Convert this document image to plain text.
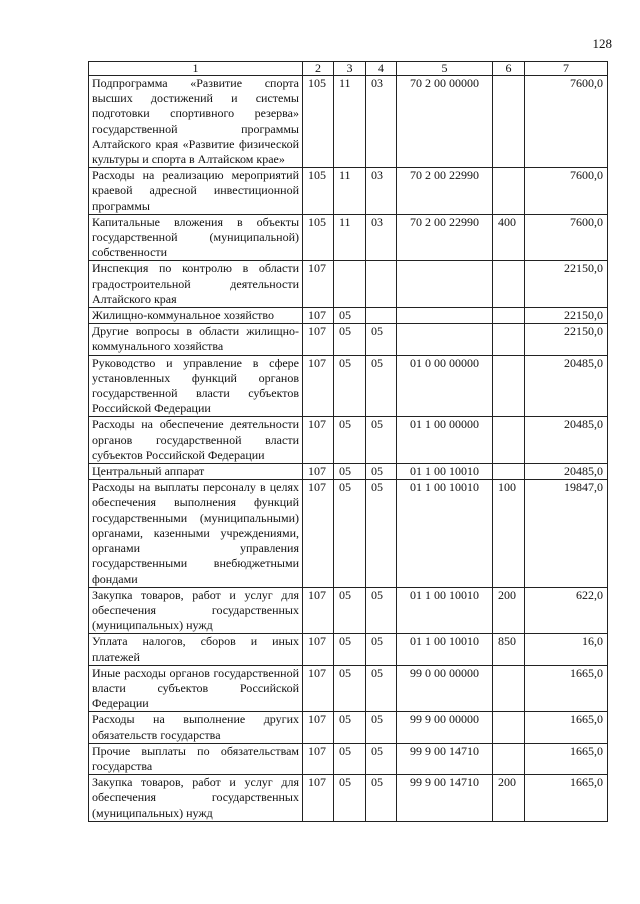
128
1	2	3	4	5	6	7
Подпрограмма «Развитие спорта высших достижений и системы подготовки спортивного резерва» государственной программы Алтайского края «Развитие физической культуры и спорта в Алтайском крае»	105	11	03	70 2 00 00000		7600,0
Расходы на реализацию мероприятий краевой адресной инвестиционной программы	105	11	03	70 2 00 22990		7600,0
Капитальные вложения в объекты государственной (муниципальной) собственности	105	11	03	70 2 00 22990	400	7600,0
Инспекция по контролю в области градостроительной деятельности Алтайского края	107					22150,0
Жилищно-коммунальное хозяйство	107	05				22150,0
Другие вопросы в области жилищно-коммунального хозяйства	107	05	05			22150,0
Руководство и управление в сфере установленных функций органов государственной власти субъектов Российской Федерации	107	05	05	01 0 00 00000		20485,0
Расходы на обеспечение деятельности органов государственной власти субъектов Российской Федерации	107	05	05	01 1 00 00000		20485,0
Центральный аппарат	107	05	05	01 1 00 10010		20485,0
Расходы на выплаты персоналу в целях обеспечения выполнения функций государственными (муниципальными) органами, казенными учреждениями, органами управления государственными внебюджетными фондами	107	05	05	01 1 00 10010	100	19847,0
Закупка товаров, работ и услуг для обеспечения государственных (муниципальных) нужд	107	05	05	01 1 00 10010	200	622,0
Уплата налогов, сборов и иных платежей	107	05	05	01 1 00 10010	850	16,0
Иные расходы органов государственной власти субъектов Российской Федерации	107	05	05	99 0 00 00000		1665,0
Расходы на выполнение других обязательств государства	107	05	05	99 9 00 00000		1665,0
Прочие выплаты по обязательствам государства	107	05	05	99 9 00 14710		1665,0
Закупка товаров, работ и услуг для обеспечения государственных (муниципальных) нужд	107	05	05	99 9 00 14710	200	1665,0
